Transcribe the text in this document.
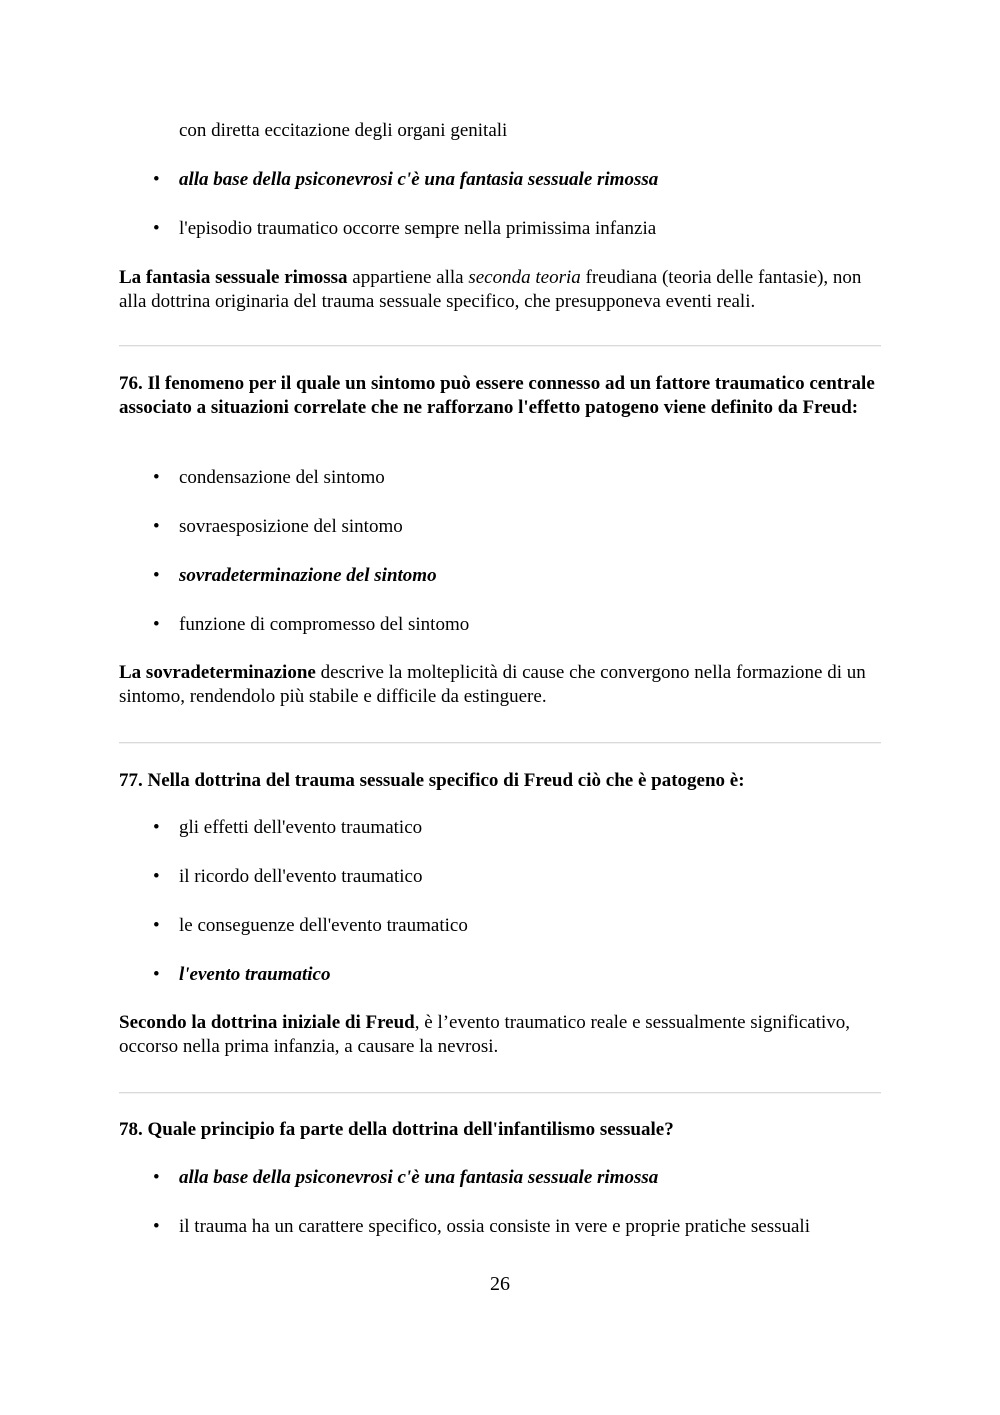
con diretta eccitazione degli organi genitali
• alla base della psiconevrosi c'è una fantasia sessuale rimossa
• l'episodio traumatico occorre sempre nella primissima infanzia
La fantasia sessuale rimossa appartiene alla seconda teoria freudiana (teoria delle fantasie), non alla dottrina originaria del trauma sessuale specifico, che presupponeva eventi reali.
76. Il fenomeno per il quale un sintomo può essere connesso ad un fattore traumatico centrale associato a situazioni correlate che ne rafforzano l'effetto patogeno viene definito da Freud:
• condensazione del sintomo
• sovraesposizione del sintomo
• sovradeterminazione del sintomo
• funzione di compromesso del sintomo
La sovradeterminazione descrive la molteplicità di cause che convergono nella formazione di un sintomo, rendendolo più stabile e difficile da estinguere.
77. Nella dottrina del trauma sessuale specifico di Freud ciò che è patogeno è:
• gli effetti dell'evento traumatico
• il ricordo dell'evento traumatico
• le conseguenze dell'evento traumatico
• l'evento traumatico
Secondo la dottrina iniziale di Freud, è l’evento traumatico reale e sessualmente significativo, occorso nella prima infanzia, a causare la nevrosi.
78. Quale principio fa parte della dottrina dell'infantilismo sessuale?
• alla base della psiconevrosi c'è una fantasia sessuale rimossa
• il trauma ha un carattere specifico, ossia consiste in vere e proprie pratiche sessuali
26
